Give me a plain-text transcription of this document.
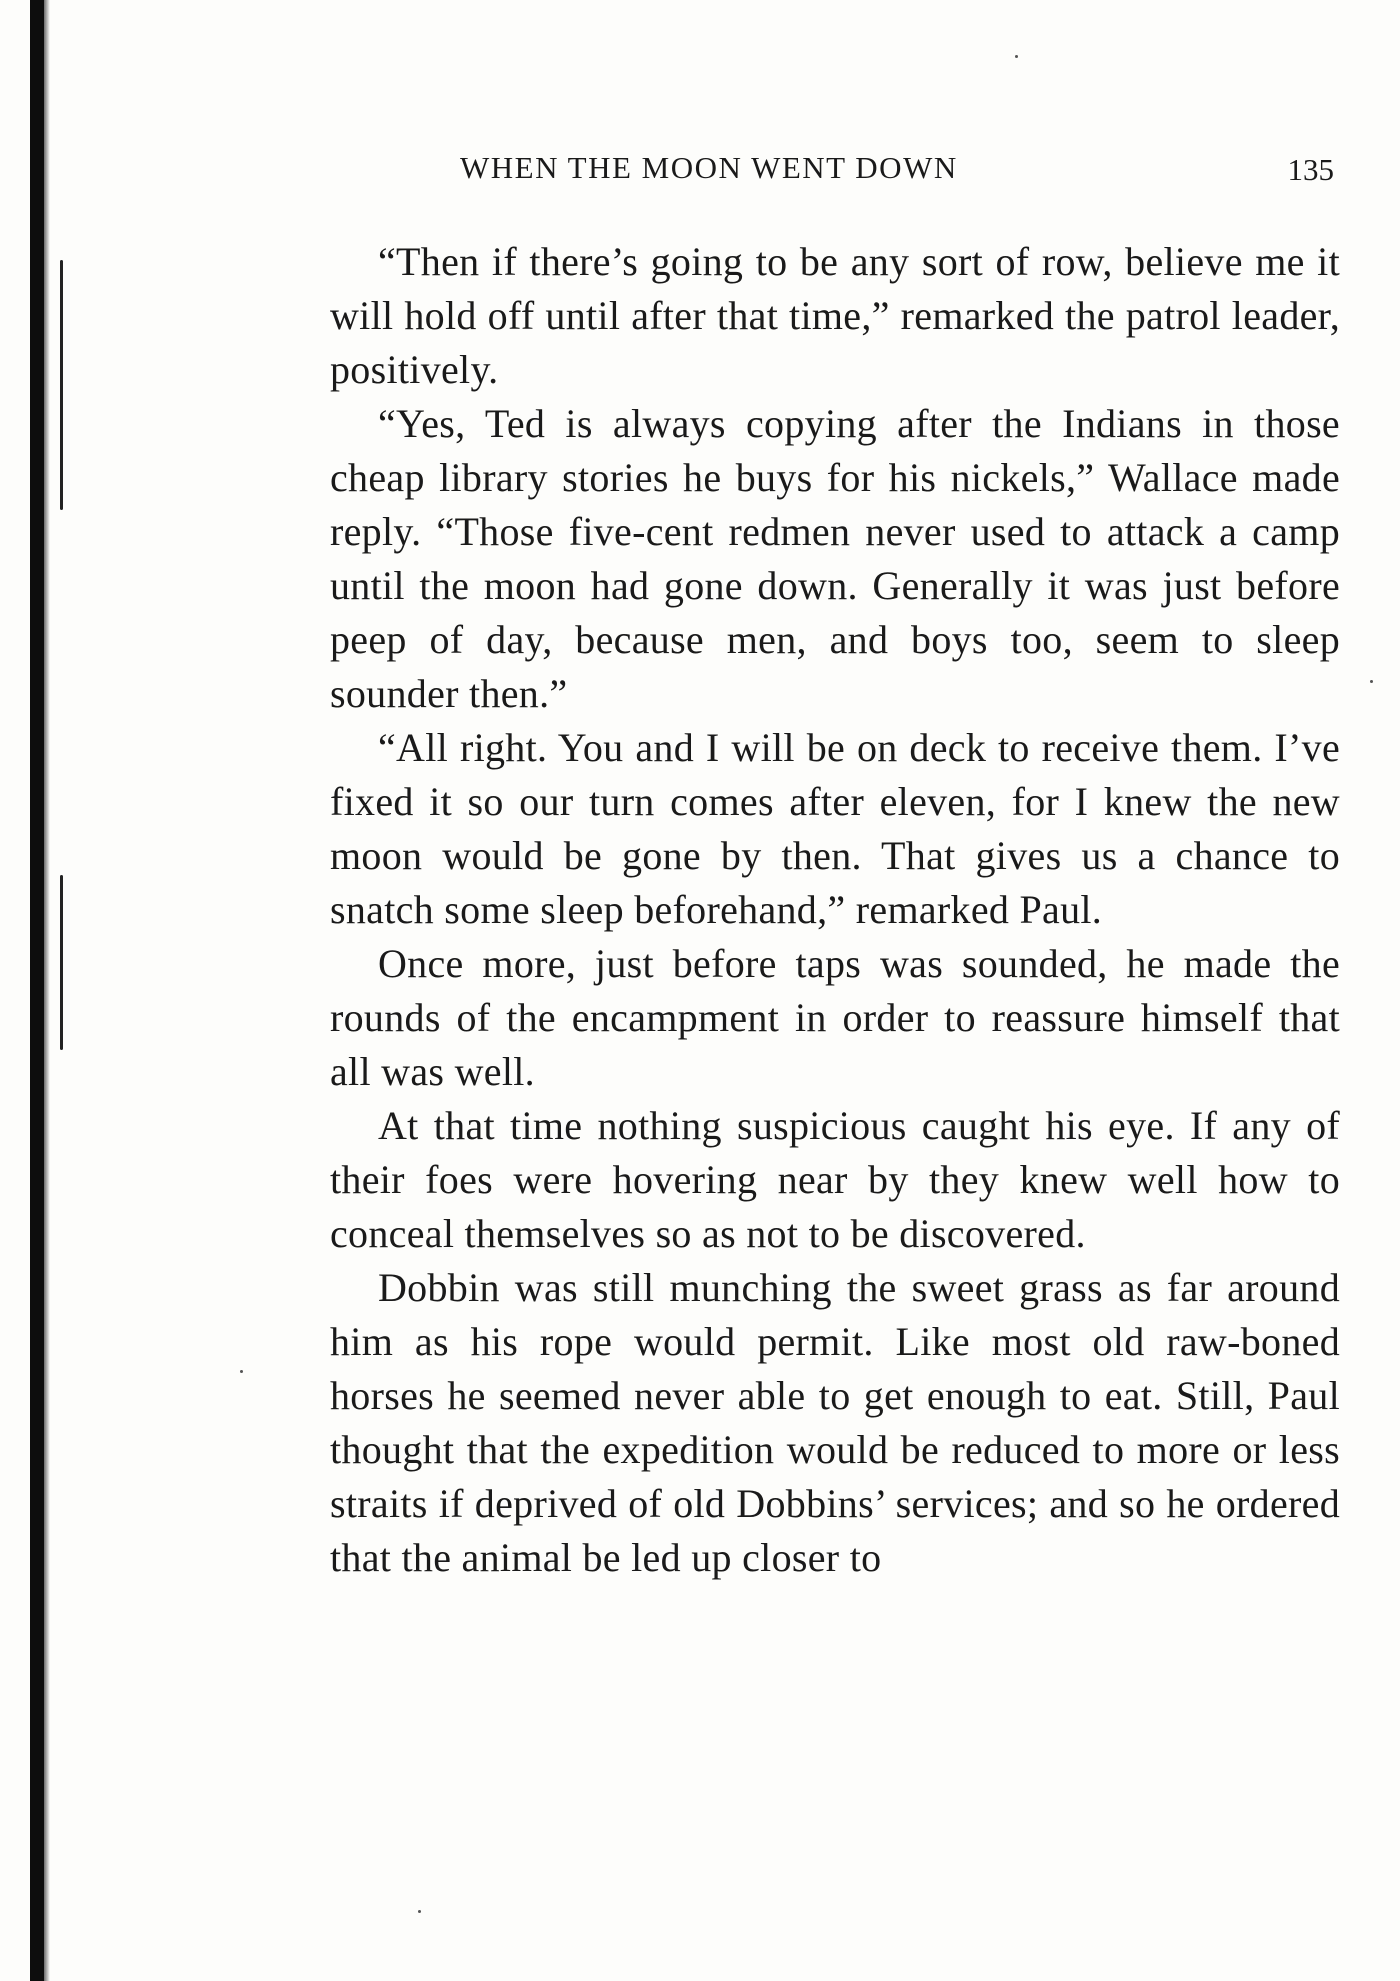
WHEN THE MOON WENT DOWN	135

“Then if there’s going to be any sort of row, believe me it will hold off until after that time,” remarked the patrol leader, positively.

“Yes, Ted is always copying after the Indians in those cheap library stories he buys for his nickels,” Wallace made reply. “Those five-cent redmen never used to attack a camp until the moon had gone down. Generally it was just before peep of day, because men, and boys too, seem to sleep sounder then.”

“All right. You and I will be on deck to receive them. I’ve fixed it so our turn comes after eleven, for I knew the new moon would be gone by then. That gives us a chance to snatch some sleep beforehand,” remarked Paul.

Once more, just before taps was sounded, he made the rounds of the encampment in order to reassure himself that all was well.

At that time nothing suspicious caught his eye. If any of their foes were hovering near by they knew well how to conceal themselves so as not to be discovered.

Dobbin was still munching the sweet grass as far around him as his rope would permit. Like most old raw-boned horses he seemed never able to get enough to eat. Still, Paul thought that the expedition would be reduced to more or less straits if deprived of old Dobbins’ services; and so he ordered that the animal be led up closer to
